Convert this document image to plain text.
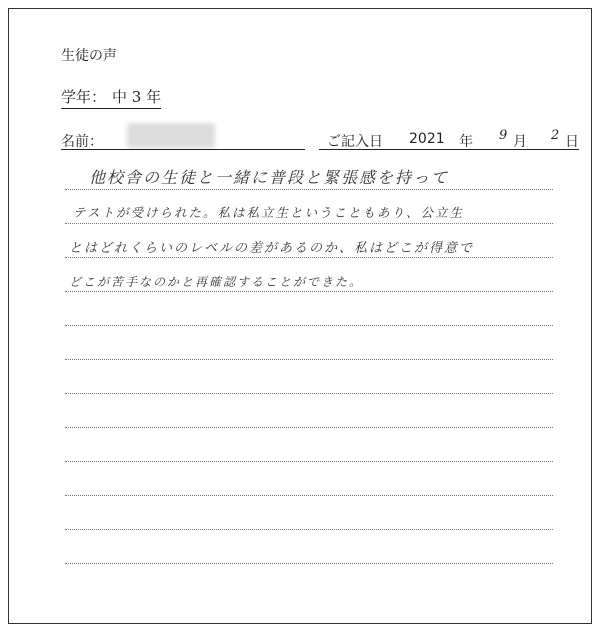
生徒の声
学年： 中 3 年
名前：	ご記入日 2021 年 9 月 2 日
他校舎の生徒と一緒に普段と緊張感を持って
テストが受けられた。私は私立生ということもあり、公立生
とはどれくらいのレベルの差があるのか、私はどこが得意で
どこが苦手なのかと再確認することができた。
